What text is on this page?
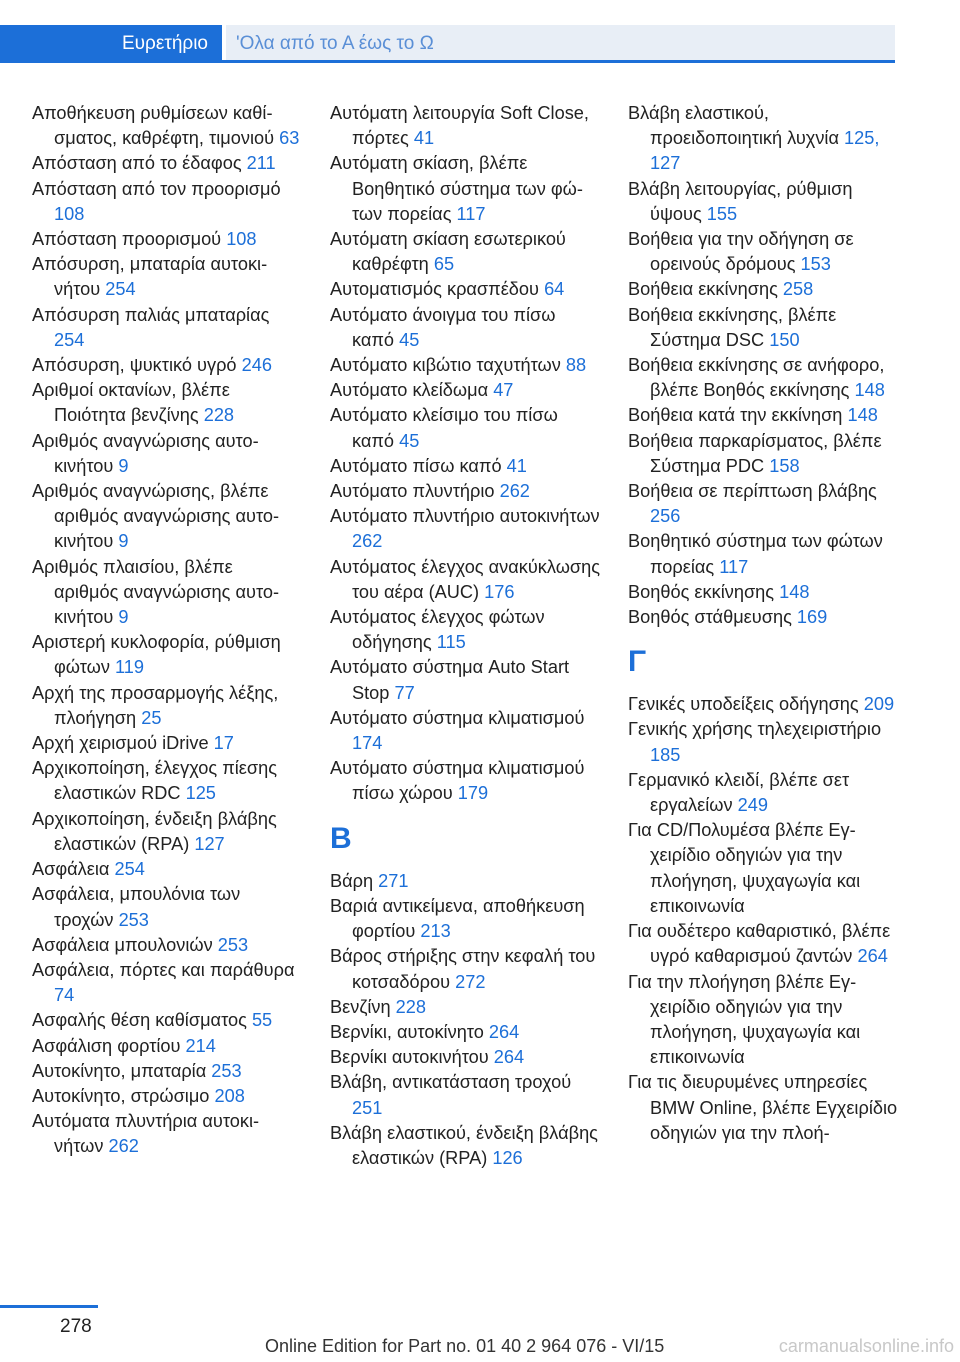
Ευρετήριο	'Ολα από το Α έως το Ω

Αποθήκευση ρυθμίσεων καθίσματος, καθρέφτη, τιμονιού 63

Απόσταση από το έδαφος 211

Απόσταση από τον προορισμό 108

Απόσταση προορισμού 108

Απόσυρση, μπαταρία αυτοκινήτου 254

Απόσυρση παλιάς μπαταρίας 254

Απόσυρση, ψυκτικό υγρό 246

Αριθμοί οκτανίων, βλέπε Ποιότητα βενζίνης 228

Αριθμός αναγνώρισης αυτοκινήτου 9

Αριθμός αναγνώρισης, βλέπε αριθμός αναγνώρισης αυτοκινήτου 9

Αριθμός πλαισίου, βλέπε αριθμός αναγνώρισης αυτοκινήτου 9

Αριστερή κυκλοφορία, ρύθμιση φώτων 119

Αρχή της προσαρμογής λέξης, πλοήγηση 25

Αρχή χειρισμού iDrive 17

Αρχικοποίηση, έλεγχος πίεσης ελαστικών RDC 125

Αρχικοποίηση, ένδειξη βλάβης ελαστικών (RPA) 127

Ασφάλεια 254

Ασφάλεια, μπουλόνια των τροχών 253

Ασφάλεια μπουλονιών 253

Ασφάλεια, πόρτες και παράθυρα 74

Ασφαλής θέση καθίσματος 55

Ασφάλιση φορτίου 214

Αυτοκίνητο, μπαταρία 253

Αυτοκίνητο, στρώσιμο 208

Αυτόματα πλυντήρια αυτοκινήτων 262

Αυτόματη λειτουργία Soft Close, πόρτες 41

Αυτόματη σκίαση, βλέπε Βοηθητικό σύστημα των φώτων πορείας 117

Αυτόματη σκίαση εσωτερικού καθρέφτη 65

Αυτοματισμός κρασπέδου 64

Αυτόματο άνοιγμα του πίσω καπό 45

Αυτόματο κιβώτιο ταχυτήτων 88

Αυτόματο κλείδωμα 47

Αυτόματο κλείσιμο του πίσω καπό 45

Αυτόματο πίσω καπό 41

Αυτόματο πλυντήριο 262

Αυτόματο πλυντήριο αυτοκινήτων 262

Αυτόματος έλεγχος ανακύκλωσης του αέρα (AUC) 176

Αυτόματος έλεγχος φώτων οδήγησης 115

Αυτόματο σύστημα Auto Start Stop 77

Αυτόματο σύστημα κλιματισμού 174

Αυτόματο σύστημα κλιματισμού πίσω χώρου 179

Β

Βάρη 271

Βαριά αντικείμενα, αποθήκευση φορτίου 213

Βάρος στήριξης στην κεφαλή του κοτσαδόρου 272

Βενζίνη 228

Βερνίκι, αυτοκίνητο 264

Βερνίκι αυτοκινήτου 264

Βλάβη, αντικατάσταση τροχού 251

Βλάβη ελαστικού, ένδειξη βλάβης ελαστικών (RPA) 126

Βλάβη ελαστικού, προειδοποιητική λυχνία 125, 127

Βλάβη λειτουργίας, ρύθμιση ύψους 155

Βοήθεια για την οδήγηση σε ορεινούς δρόμους 153

Βοήθεια εκκίνησης 258

Βοήθεια εκκίνησης, βλέπε Σύστημα DSC 150

Βοήθεια εκκίνησης σε ανήφορο, βλέπε Βοηθός εκκίνησης 148

Βοήθεια κατά την εκκίνηση 148

Βοήθεια παρκαρίσματος, βλέπε Σύστημα PDC 158

Βοήθεια σε περίπτωση βλάβης 256

Βοηθητικό σύστημα των φώτων πορείας 117

Βοηθός εκκίνησης 148

Βοηθός στάθμευσης 169

Γ

Γενικές υποδείξεις οδήγησης 209

Γενικής χρήσης τηλεχειριστήριο 185

Γερμανικό κλειδί, βλέπε σετ εργαλείων 249

Για CD/Πολυμέσα βλέπε Εγχειρίδιο οδηγιών για την πλοήγηση, ψυχαγωγία και επικοινωνία

Για ουδέτερο καθαριστικό, βλέπε υγρό καθαρισμού ζαντών 264

Για την πλοήγηση βλέπε Εγχειρίδιο οδηγιών για την πλοήγηση, ψυχαγωγία και επικοινωνία

Για τις διευρυμένες υπηρεσίες BMW Online, βλέπε Εγχειρίδιο οδηγιών για την πλοή-

278
Online Edition for Part no. 01 40 2 964 076 - VI/15	carmanualsonline.info
